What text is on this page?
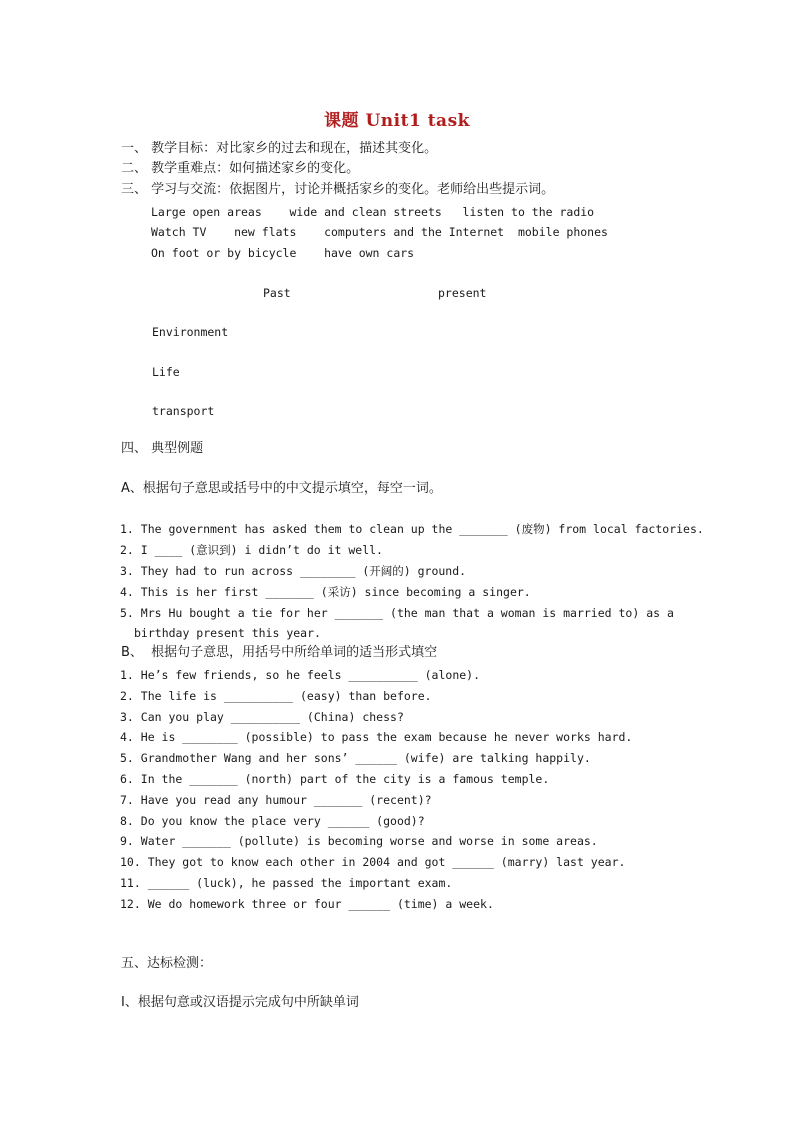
课题 Unit1 task
一、 教学目标：对比家乡的过去和现在，描述其变化。
二、 教学重难点：如何描述家乡的变化。
三、 学习与交流：依据图片，讨论并概括家乡的变化。老师给出些提示词。
Large open areas    wide and clean streets   listen to the radio
Watch TV    new flats    computers and the Internet  mobile phones
On foot or by bicycle    have own cars
Past	present
Environment
Life
transport
四、 典型例题
A、根据句子意思或括号中的中文提示填空，每空一词。
1. The government has asked them to clean up the _______ (废物) from local factories.
2. I ____ (意识到) i didn’t do it well.
3. They had to run across ________ (开阔的) ground.
4. This is her first _______ (采访) since becoming a singer.
5. Mrs Hu bought a tie for her _______ (the man that a woman is married to) as a
birthday present this year.
B、  根据句子意思，用括号中所给单词的适当形式填空
1. He’s few friends, so he feels __________ (alone).
2. The life is __________ (easy) than before.
3. Can you play __________ (China) chess?
4. He is ________ (possible) to pass the exam because he never works hard.
5. Grandmother Wang and her sons’ ______ (wife) are talking happily.
6. In the _______ (north) part of the city is a famous temple.
7. Have you read any humour _______ (recent)?
8. Do you know the place very ______ (good)?
9. Water _______ (pollute) is becoming worse and worse in some areas.
10. They got to know each other in 2004 and got ______ (marry) last year.
11. ______ (luck), he passed the important exam.
12. We do homework three or four ______ (time) a week.
五、达标检测：
I、根据句意或汉语提示完成句中所缺单词
